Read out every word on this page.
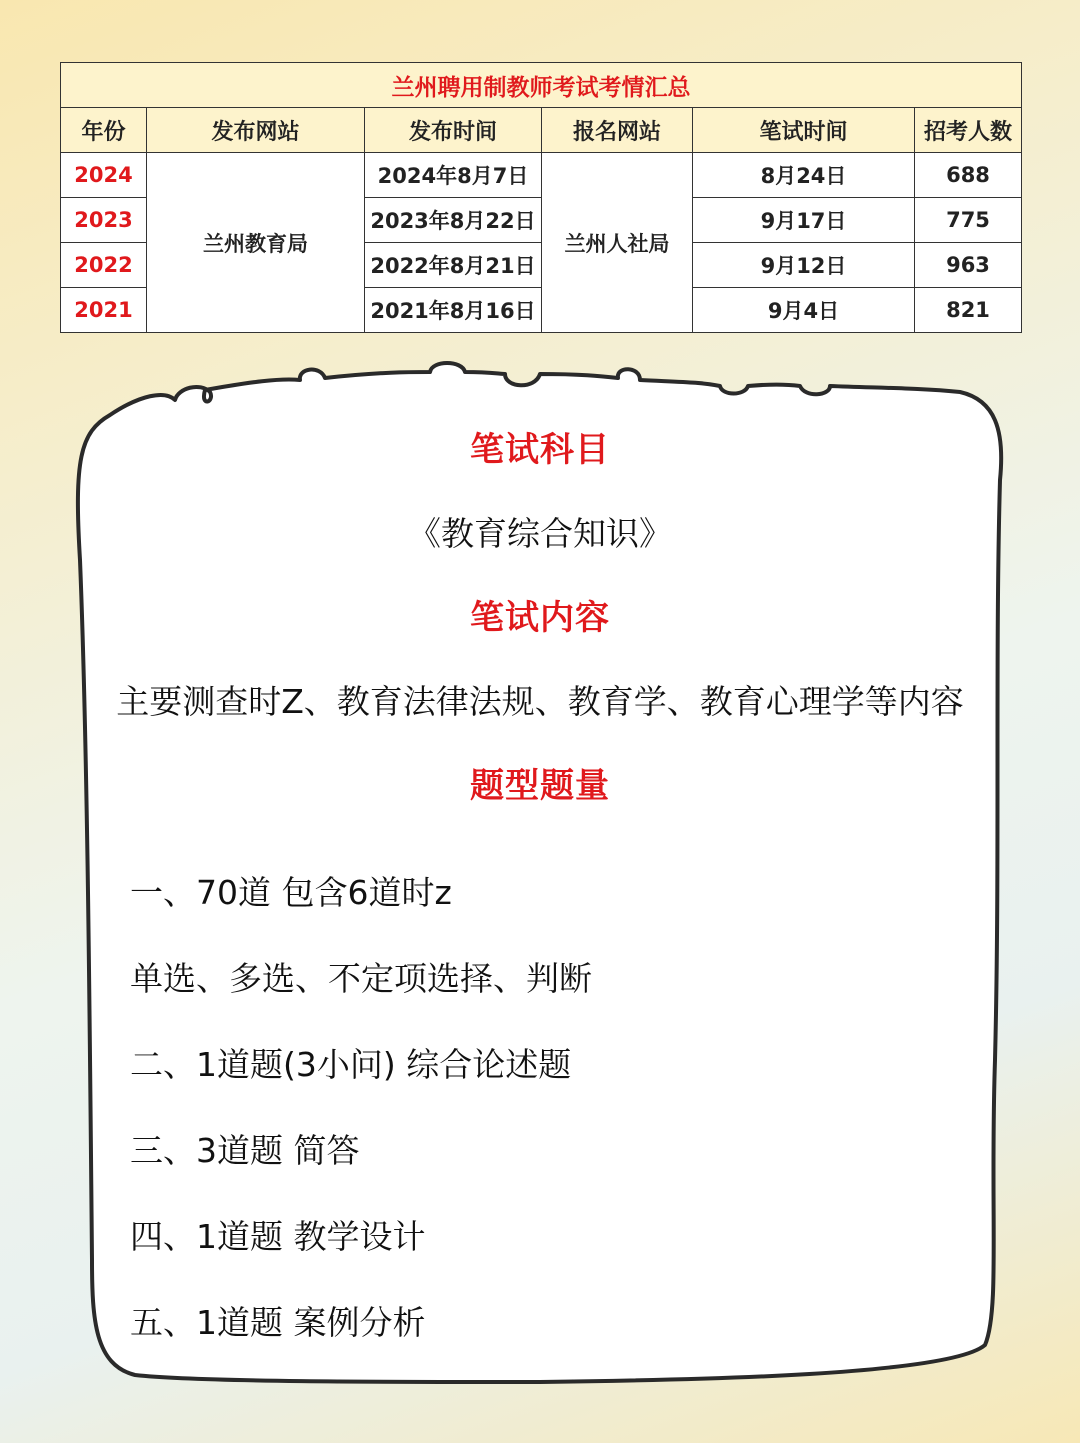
兰州聘用制教师考试考情汇总					
年份	发布网站	发布时间	报名网站	笔试时间	招考人数
2024	兰州教育局	2024年8月7日	兰州人社局	8月24日	688
2023		2023年8月22日		9月17日	775
2022		2022年8月21日		9月12日	963
2021		2021年8月16日		9月4日	821
笔试科目
《教育综合知识》
笔试内容
主要测查时Z、教育法律法规、教育学、教育心理学等内容
题型题量
一、70道 包含6道时z
单选、多选、不定项选择、判断
二、1道题(3小问) 综合论述题
三、3道题 简答
四、1道题 教学设计
五、1道题 案例分析
